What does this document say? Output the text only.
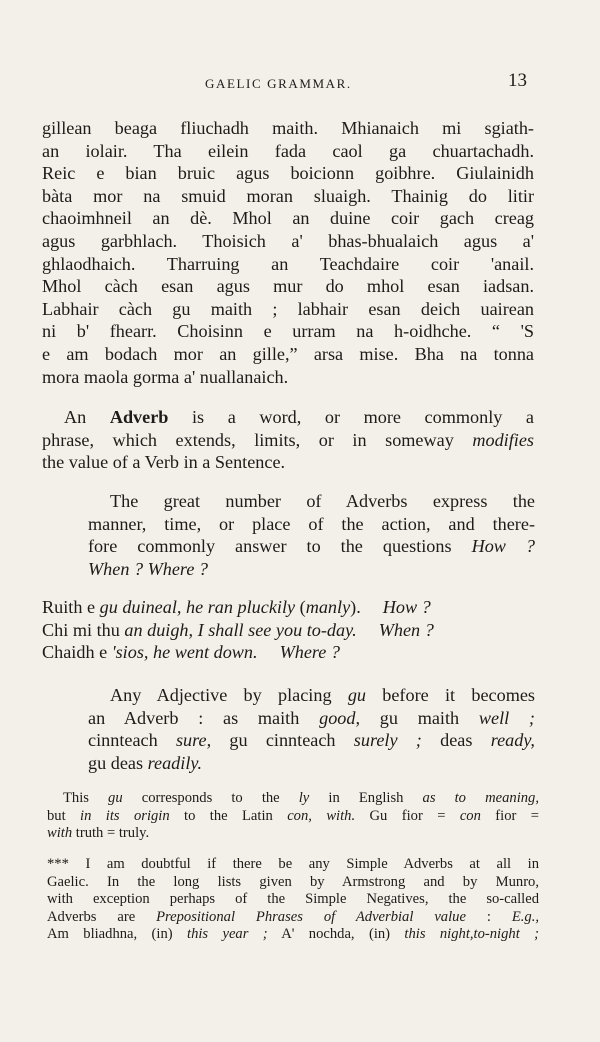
GAELIC GRAMMAR.	13
gillean beaga fliuchadh maith. Mhianaich mi sgiath-
an iolair. Tha eilein fada caol ga chuartachadh.
Reic e bian bruic agus boicionn goibhre. Giulainidh
bàta mor na smuid moran sluaigh. Thainig do litir
chaoimhneil an dè. Mhol an duine coir gach creag
agus garbhlach. Thoisich a' bhas-bhualaich agus a'
ghlaodhaich. Tharruing an Teachdaire coir 'anail.
Mhol càch esan agus mur do mhol esan iadsan.
Labhair càch gu maith ; labhair esan deich uairean
ni b' fhearr. Choisinn e urram na h-oidhche. “ 'S
e am bodach mor an gille,” arsa mise. Bha na tonna
mora maola gorma a' nuallanaich.
An Adverb is a word, or more commonly a
phrase, which extends, limits, or in someway modifies
the value of a Verb in a Sentence.
The great number of Adverbs express the
manner, time, or place of the action, and there-
fore commonly answer to the questions How ?
When ? Where ?
Ruith e gu duineal, he ran pluckily (manly). How ?
Chi mi thu an duigh, I shall see you to-day. When ?
Chaidh e 'sios, he went down. Where ?
Any Adjective by placing gu before it becomes
an Adverb : as maith good, gu maith well ;
cinnteach sure, gu cinnteach surely ; deas ready,
gu deas readily.
This gu corresponds to the ly in English as to meaning,
but in its origin to the Latin con, with. Gu fior = con fior =
with truth = truly.
*** I am doubtful if there be any Simple Adverbs at all in
Gaelic. In the long lists given by Armstrong and by Munro,
with exception perhaps of the Simple Negatives, the so-called
Adverbs are Prepositional Phrases of Adverbial value : E.g.,
Am bliadhna, (in) this year ; A' nochda, (in) this night,to-night ;
